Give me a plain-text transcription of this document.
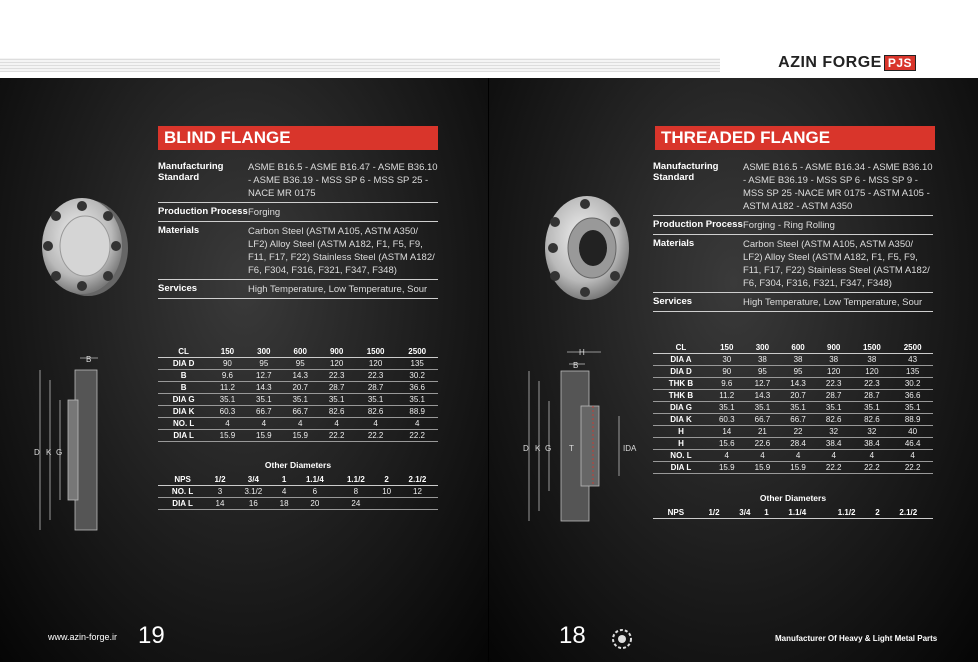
AZIN FORGE PJS
BLIND FLANGE
Manufacturing Standard
ASME B16.5 - ASME B16.47 - ASME B36.10 - ASME B36.19 - MSS SP 6 - MSS SP 25 -NACE MR 0175
Production Process Forging
Materials	Carbon Steel (ASTM A105, ASTM A350/ LF2) Alloy Steel (ASTM A182, F1, F5, F9, F11, F17, F22) Stainless Steel (ASTM A182/ F6, F304, F316, F321, F347, F348)
Services	High Temperature, Low Temperature, Sour
B
D K G
CL	150	300	600	900	1500	2500
DIA D	90	95	95	120	120	135
B	9.6	12.7	14.3	22.3	22.3	30.2
B	11.2	14.3	20.7	28.7	28.7	36.6
DIA G	35.1	35.1	35.1	35.1	35.1	35.1
DIA K	60.3	66.7	66.7	82.6	82.6	88.9
NO. L	4	4	4	4	4	4
DIA L	15.9	15.9	15.9	22.2	22.2	22.2
Other Diameters
NPS	1/2	3/4	1	1.1/4	1.1/2	2	2.1/2
NO. L	3	3.1/2	4	6	8	10	12
DIA L	14	16	18	20	24		
www.azin-forge.ir 19
THREADED FLANGE
Manufacturing Standard
ASME B16.5 - ASME B16.34 - ASME B36.10 - ASME B36.19 - MSS SP 6 - MSS SP 9 - MSS SP 25 -NACE MR 0175 - ASTM A105 - ASTM A182 - ASTM A350
Production Process Forging - Ring Rolling
Materials	Carbon Steel (ASTM A105, ASTM A350/ LF2) Alloy Steel (ASTM A182, F1, F5, F9, F11, F17, F22) Stainless Steel (ASTM A182/ F6, F304, F316, F321, F347, F348)
Services	High Temperature, Low Temperature, Sour
H
B
D K G T	IDA
CL	150	300	600	900	1500	2500
DIA A	30	38	38	38	38	43
DIA D	90	95	95	120	120	135
THK B	9.6	12.7	14.3	22.3	22.3	30.2
THK B	11.2	14.3	20.7	28.7	28.7	36.6
DIA G	35.1	35.1	35.1	35.1	35.1	35.1
DIA K	60.3	66.7	66.7	82.6	82.6	88.9
H	14	21	22	32	32	40
H	15.6	22.6	28.4	38.4	38.4	46.4
NO. L	4	4	4	4	4	4
DIA L	15.9	15.9	15.9	22.2	22.2	22.2
Other Diameters
NPS	1/2	3/4	1	1.1/4	1.1/2	2	2.1/2
18	Manufacturer Of Heavy & Light Metal Parts
